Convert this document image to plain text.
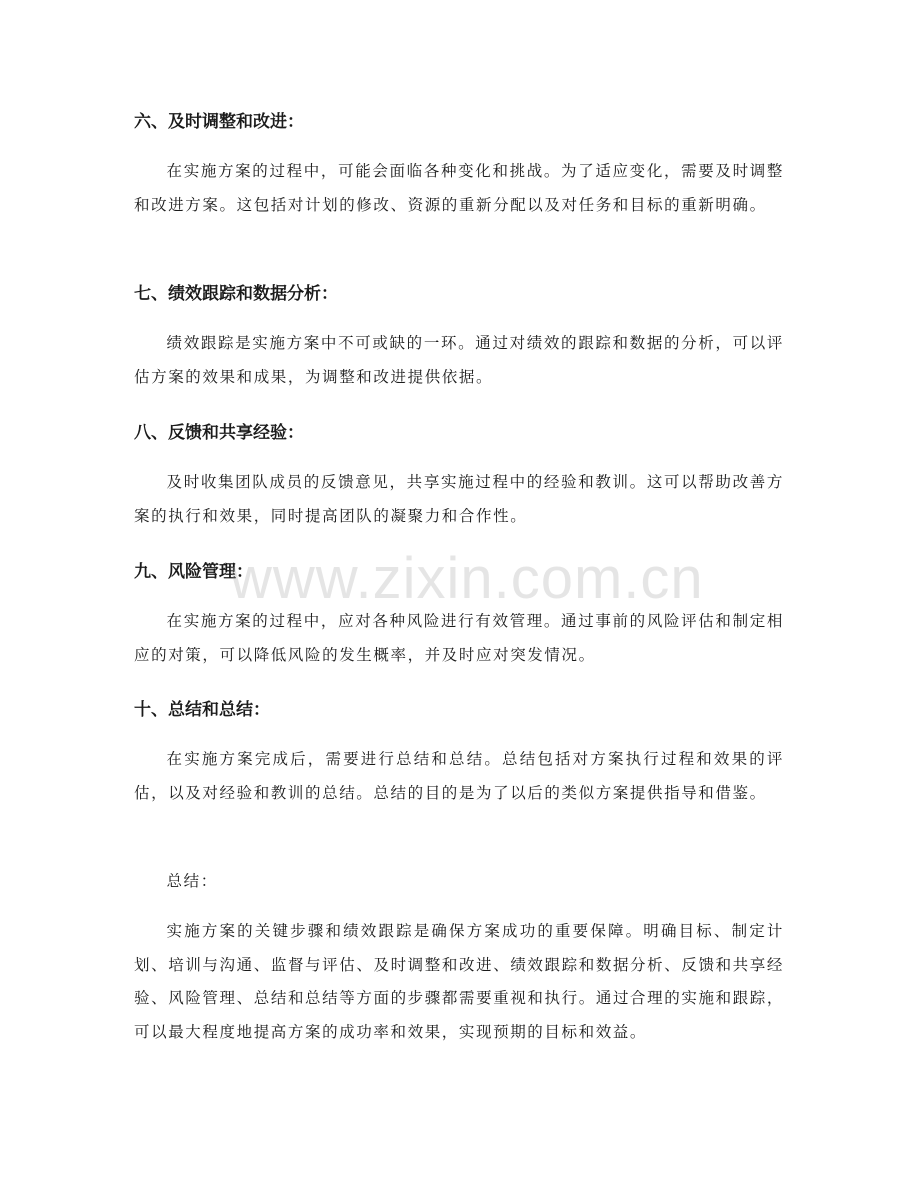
六、及时调整和改进：

在实施方案的过程中，可能会面临各种变化和挑战。为了适应变化，需要及时调整和改进方案。这包括对计划的修改、资源的重新分配以及对任务和目标的重新明确。

七、绩效跟踪和数据分析：

绩效跟踪是实施方案中不可或缺的一环。通过对绩效的跟踪和数据的分析，可以评估方案的效果和成果，为调整和改进提供依据。

八、反馈和共享经验：

及时收集团队成员的反馈意见，共享实施过程中的经验和教训。这可以帮助改善方案的执行和效果，同时提高团队的凝聚力和合作性。

九、风险管理：

在实施方案的过程中，应对各种风险进行有效管理。通过事前的风险评估和制定相应的对策，可以降低风险的发生概率，并及时应对突发情况。

十、总结和总结：

在实施方案完成后，需要进行总结和总结。总结包括对方案执行过程和效果的评估，以及对经验和教训的总结。总结的目的是为了以后的类似方案提供指导和借鉴。

总结：

实施方案的关键步骤和绩效跟踪是确保方案成功的重要保障。明确目标、制定计划、培训与沟通、监督与评估、及时调整和改进、绩效跟踪和数据分析、反馈和共享经验、风险管理、总结和总结等方面的步骤都需要重视和执行。通过合理的实施和跟踪，可以最大程度地提高方案的成功率和效果，实现预期的目标和效益。

www.zixin.com.cn
